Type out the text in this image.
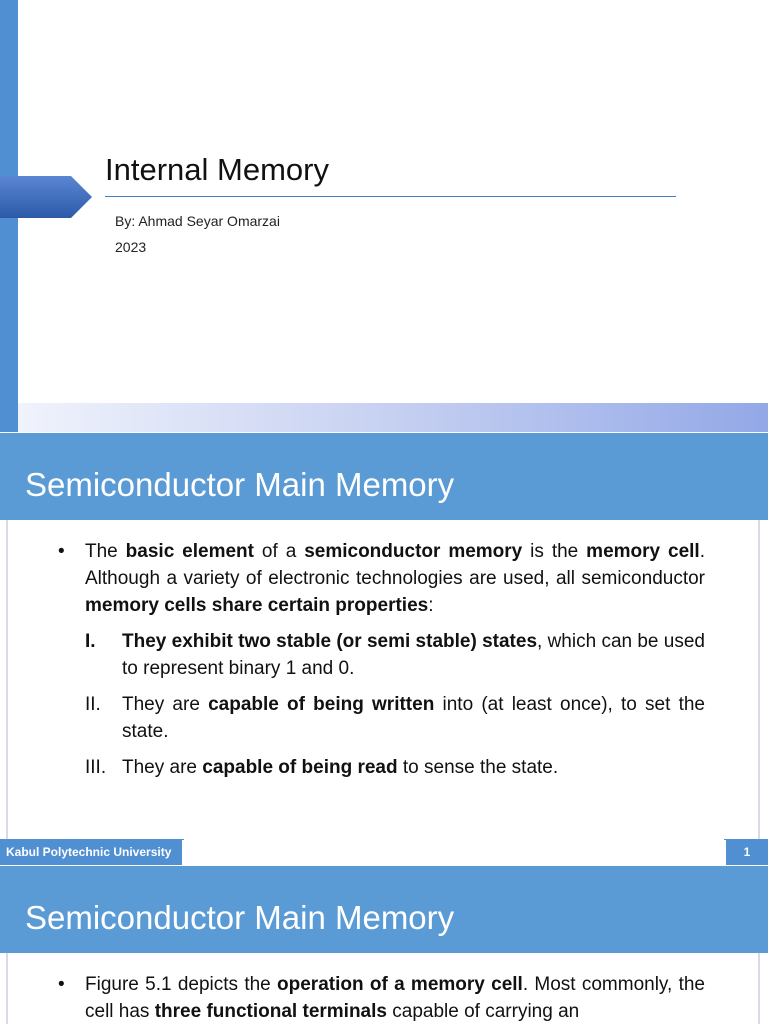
Internal Memory
By: Ahmad Seyar Omarzai
2023
Semiconductor Main Memory
•	The basic element of a semiconductor memory is the memory cell. Although a variety of electronic technologies are used, all semiconductor memory cells share certain properties:
I.	They exhibit two stable (or semi stable) states, which can be used to represent binary 1 and 0.
II.	They are capable of being written into (at least once), to set the state.
III. They are capable of being read to sense the state.
Kabul Polytechnic University	1
Semiconductor Main Memory
•	Figure 5.1 depicts the operation of a memory cell. Most commonly, the cell has three functional terminals capable of carrying an
